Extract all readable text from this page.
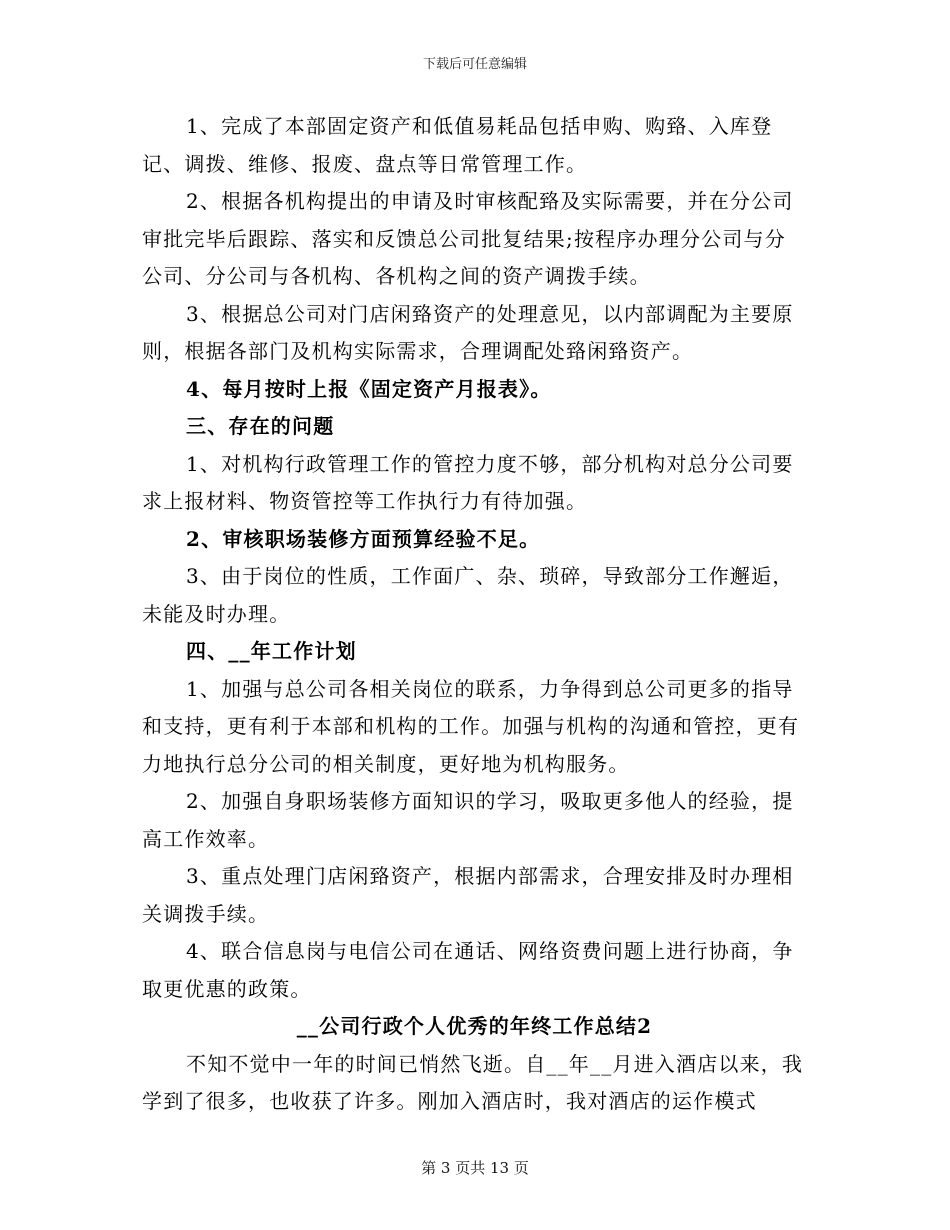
下载后可任意编辑

1、完成了本部固定资产和低值易耗品包括申购、购臵、入库登记、调拨、维修、报废、盘点等日常管理工作。

2、根据各机构提出的申请及时审核配臵及实际需要，并在分公司审批完毕后跟踪、落实和反馈总公司批复结果;按程序办理分公司与分公司、分公司与各机构、各机构之间的资产调拨手续。

3、根据总公司对门店闲臵资产的处理意见，以内部调配为主要原则，根据各部门及机构实际需求，合理调配处臵闲臵资产。

4、每月按时上报《固定资产月报表》。

三、存在的问题

1、对机构行政管理工作的管控力度不够，部分机构对总分公司要求上报材料、物资管控等工作执行力有待加强。

2、审核职场装修方面预算经验不足。

3、由于岗位的性质，工作面广、杂、琐碎，导致部分工作邂逅，未能及时办理。

四、__年工作计划

1、加强与总公司各相关岗位的联系，力争得到总公司更多的指导和支持，更有利于本部和机构的工作。加强与机构的沟通和管控，更有力地执行总分公司的相关制度，更好地为机构服务。

2、加强自身职场装修方面知识的学习，吸取更多他人的经验，提高工作效率。

3、重点处理门店闲臵资产，根据内部需求，合理安排及时办理相关调拨手续。

4、联合信息岗与电信公司在通话、网络资费问题上进行协商，争取更优惠的政策。

__公司行政个人优秀的年终工作总结2

不知不觉中一年的时间已悄然飞逝。自__年__月进入酒店以来，我学到了很多，也收获了许多。刚加入酒店时，我对酒店的运作模式

第 3 页共 13 页
